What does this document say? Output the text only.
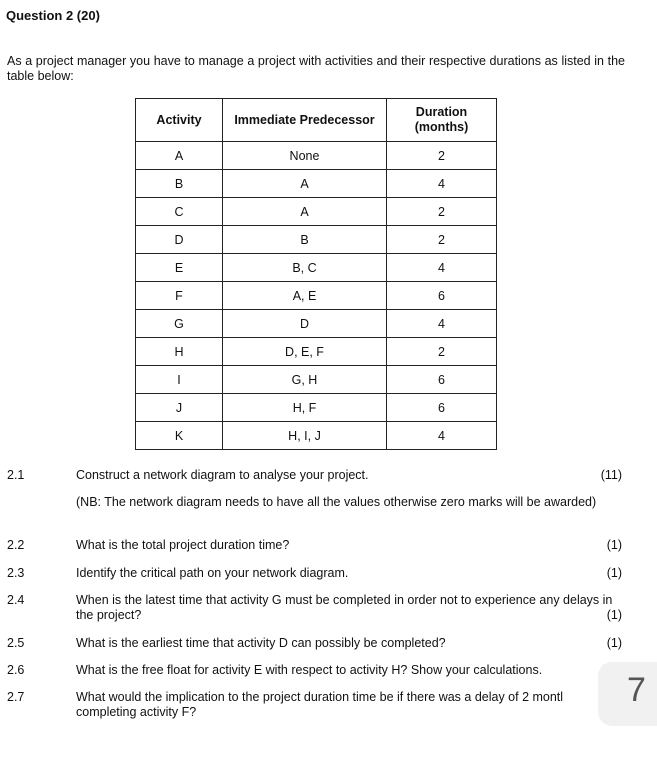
Question 2 (20)
As a project manager you have to manage a project with activities and their respective durations as listed in the table below:
Activity	Immediate Predecessor	Duration
(months)
A	None	2
B	A	4
C	A	2
D	B	2
E	B, C	4
F	A, E	6
G	D	4
H	D, E, F	2
I	G, H	6
J	H, F	6
K	H, I, J	4
2.1	Construct a network diagram to analyse your project.	(11)
(NB: The network diagram needs to have all the values otherwise zero marks will be awarded)
2.2	What is the total project duration time?	(1)
2.3	Identify the critical path on your network diagram.	(1)
2.4	When is the latest time that activity G must be completed in order not to experience any delays in the project?	(1)
2.5	What is the earliest time that activity D can possibly be completed?	(1)
2.6	What is the free float for activity E with respect to activity H? Show your calculations.
2.7	What would the implication to the project duration time be if there was a delay of 2 montl completing activity F?
7
